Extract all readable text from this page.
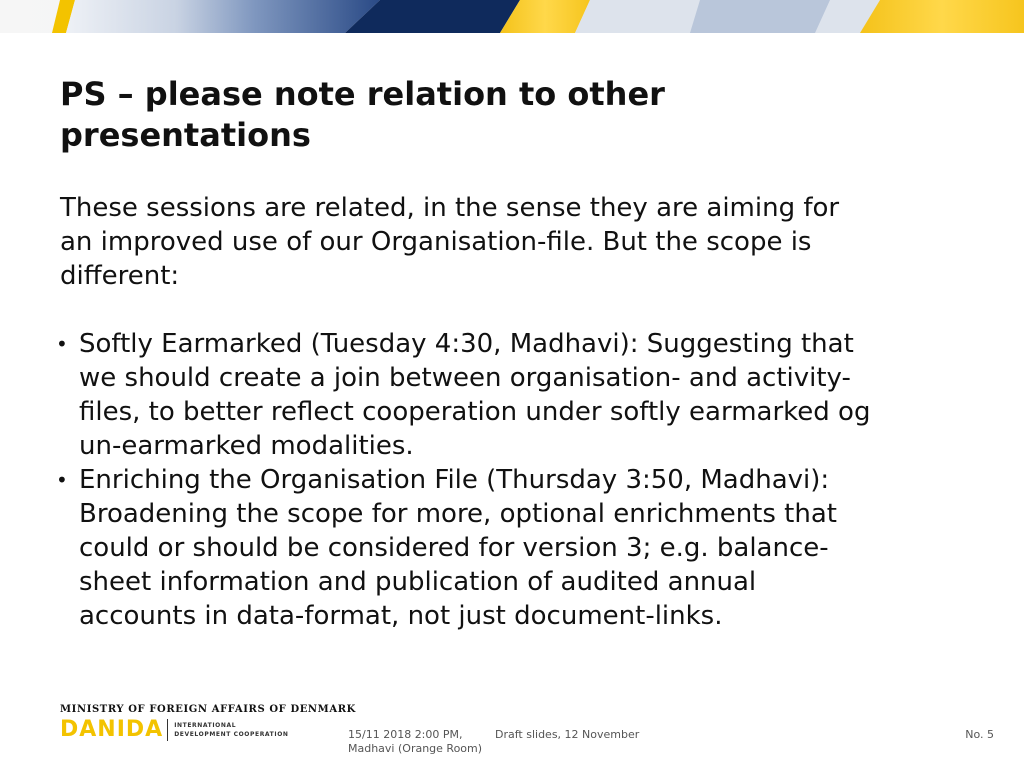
PS – please note relation to other
presentations
These sessions are related, in the sense they are aiming for
an improved use of our Organisation-file. But the scope is
different:
• Softly Earmarked (Tuesday 4:30, Madhavi): Suggesting that
we should create a join between organisation- and activity-
files, to better reflect cooperation under softly earmarked og
un-earmarked modalities.
• Enriching the Organisation File (Thursday 3:50, Madhavi):
Broadening the scope for more, optional enrichments that
could or should be considered for version 3; e.g. balance-
sheet information and publication of audited annual
accounts in data-format, not just document-links.
MINISTRY OF FOREIGN AFFAIRS OF DENMARK
DANIDA INTERNATIONAL
DEVELOPMENT COOPERATION	15/11 2018 2:00 PM,
Madhavi (Orange Room)
Draft slides, 12 November	No. 5
